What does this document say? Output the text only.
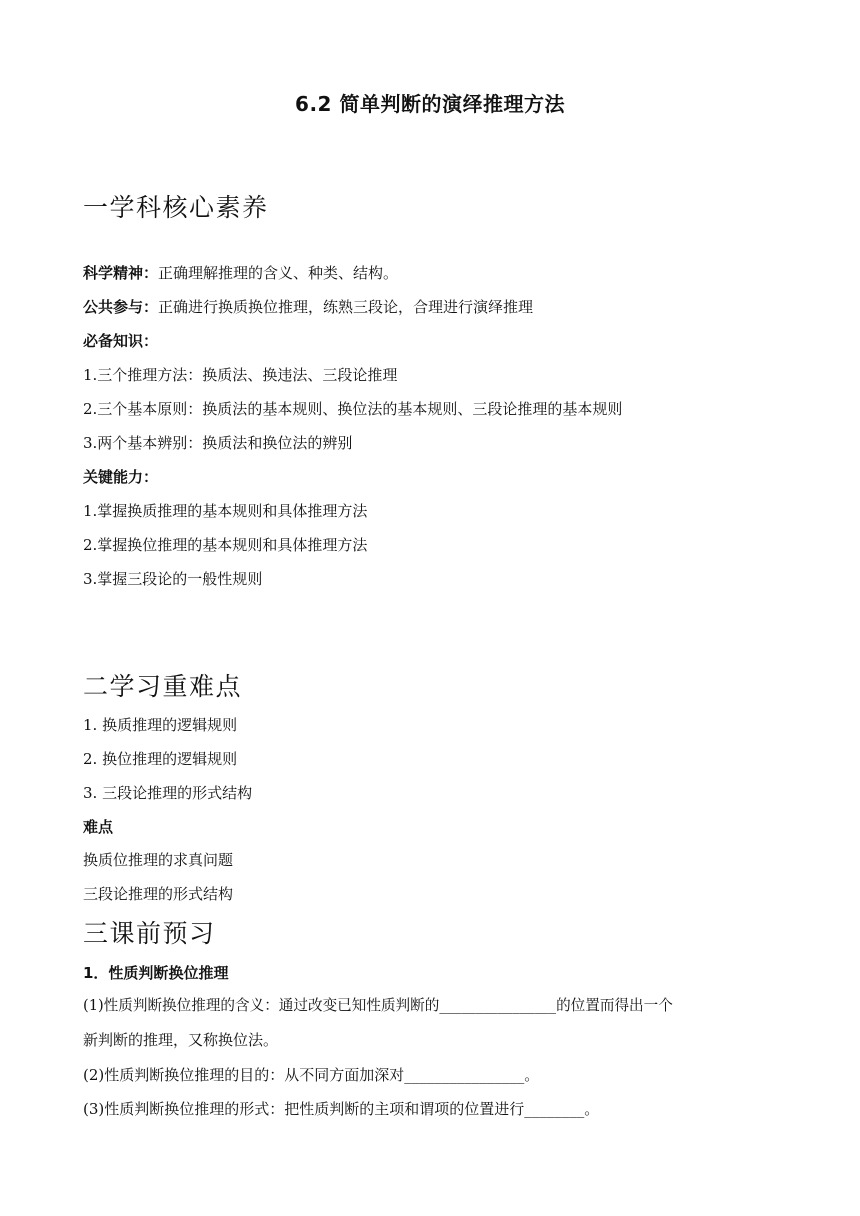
6.2 简单判断的演绎推理方法
一学科核心素养
科学精神：正确理解推理的含义、种类、结构。
公共参与：正确进行换质换位推理，练熟三段论，合理进行演绎推理
必备知识：
1.三个推理方法：换质法、换违法、三段论推理
2.三个基本原则：换质法的基本规则、换位法的基本规则、三段论推理的基本规则
3.两个基本辨别：换质法和换位法的辨别
关键能力：
1.掌握换质推理的基本规则和具体推理方法
2.掌握换位推理的基本规则和具体推理方法
3.掌握三段论的一般性规则
二学习重难点
1. 换质推理的逻辑规则
2. 换位推理的逻辑规则
3. 三段论推理的形式结构
难点
换质位推理的求真问题
三段论推理的形式结构
三课前预习
1．性质判断换位推理
(1)性质判断换位推理的含义：通过改变已知性质判断的________________的位置而得出一个
新判断的推理，又称换位法。
(2)性质判断换位推理的目的：从不同方面加深对________________。
(3)性质判断换位推理的形式：把性质判断的主项和谓项的位置进行________。
